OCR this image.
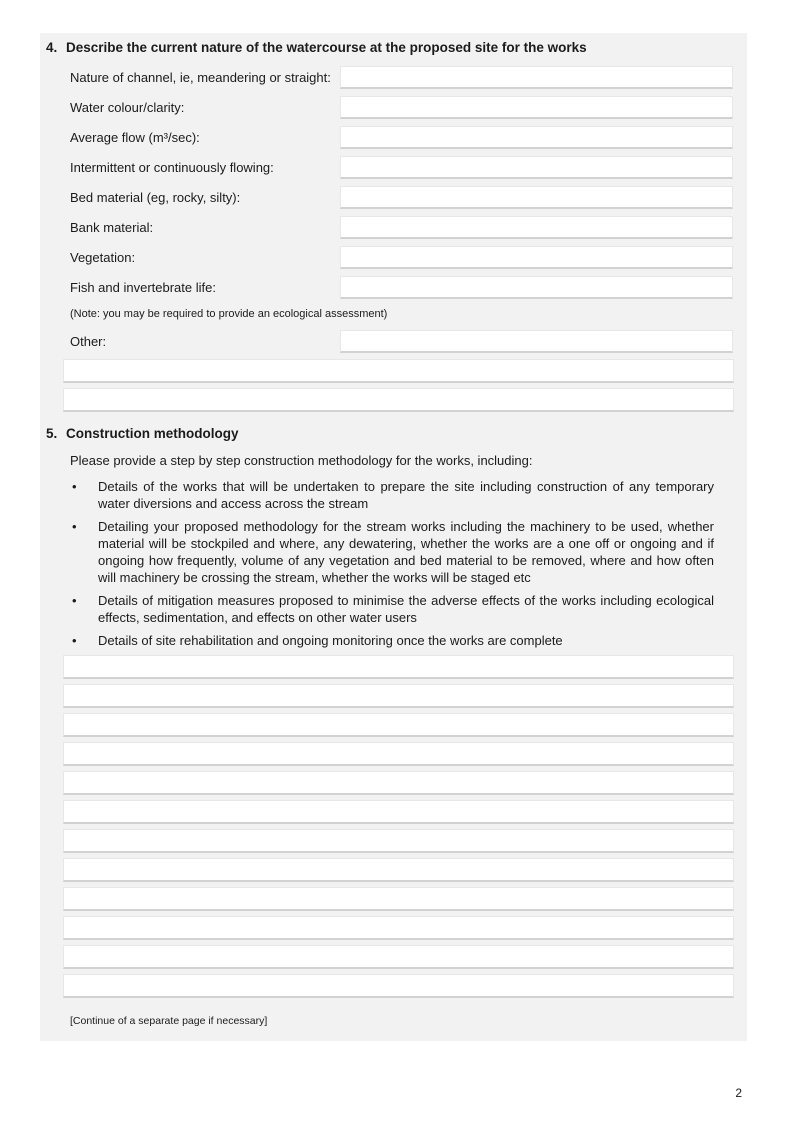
4. Describe the current nature of the watercourse at the proposed site for the works
Nature of channel, ie, meandering or straight:
Water colour/clarity:
Average flow (m³/sec):
Intermittent or continuously flowing:
Bed material (eg, rocky, silty):
Bank material:
Vegetation:
Fish and invertebrate life:
(Note: you may be required to provide an ecological assessment)
Other:
5. Construction methodology

Please provide a step by step construction methodology for the works, including:

•	Details of the works that will be undertaken to prepare the site including construction of any temporary water diversions and access across the stream
•	Detailing your proposed methodology for the stream works including the machinery to be used, whether material will be stockpiled and where, any dewatering, whether the works are a one off or ongoing and if ongoing how frequently, volume of any vegetation and bed material to be removed, where and how often will machinery be crossing the stream, whether the works will be staged etc
•	Details of mitigation measures proposed to minimise the adverse effects of the works including ecological effects, sedimentation, and effects on other water users
•	Details of site rehabilitation and ongoing monitoring once the works are complete
[Continue of a separate page if necessary]
2
